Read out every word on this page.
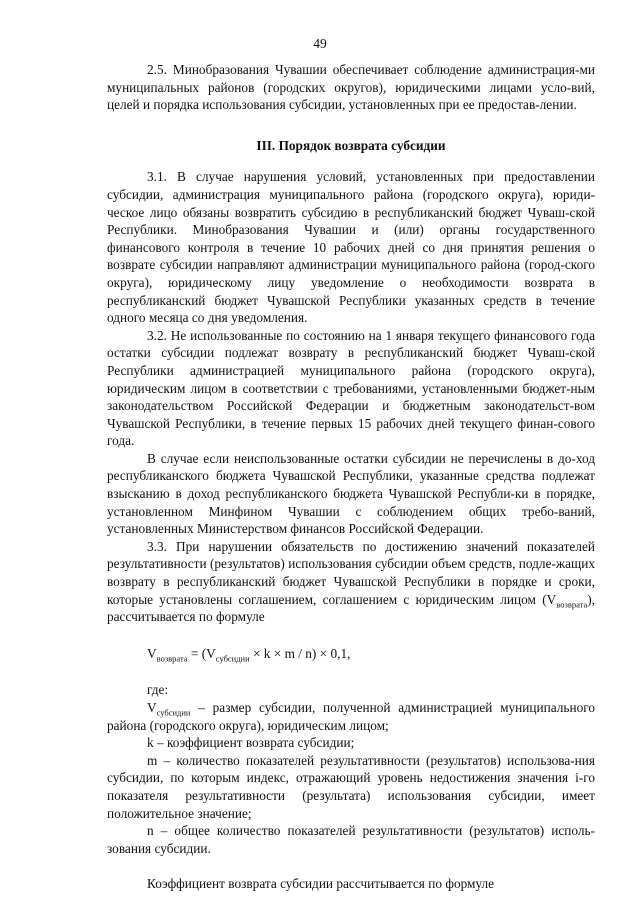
49

2.5. Минобразования Чувашии обеспечивает соблюдение администрация-ми муниципальных районов (городских округов), юридическими лицами усло-вий, целей и порядка использования субсидии, установленных при ее предостав-лении.

III. Порядок возврата субсидии

3.1. В случае нарушения условий, установленных при предоставлении субсидии, администрация муниципального района (городского округа), юриди-ческое лицо обязаны возвратить субсидию в республиканский бюджет Чуваш-ской Республики. Минобразования Чувашии и (или) органы государственного финансового контроля в течение 10 рабочих дней со дня принятия решения о возврате субсидии направляют администрации муниципального района (город-ского округа), юридическому лицу уведомление о необходимости возврата в республиканский бюджет Чувашской Республики указанных средств в течение одного месяца со дня уведомления.

3.2. Не использованные по состоянию на 1 января текущего финансового года остатки субсидии подлежат возврату в республиканский бюджет Чуваш-ской Республики администрацией муниципального района (городского округа), юридическим лицом в соответствии с требованиями, установленными бюджет-ным законодательством Российской Федерации и бюджетным законодательст-вом Чувашской Республики, в течение первых 15 рабочих дней текущего финан-сового года.

В случае если неиспользованные остатки субсидии не перечислены в до-ход республиканского бюджета Чувашской Республики, указанные средства подлежат взысканию в доход республиканского бюджета Чувашской Республи-ки в порядке, установленном Минфином Чувашии с соблюдением общих требо-ваний, установленных Министерством финансов Российской Федерации.

3.3. При нарушении обязательств по достижению значений показателей результативности (результатов) использования субсидии объем средств, подле-жащих возврату в республиканский бюджет Чувашской Республики в порядке и сроки, которые установлены соглашением, соглашением с юридическим лицом $(V_{возврата})$, рассчитывается по формуле

$V_{возврата} = (V_{субсидии} \times k \times m / n) \times 0,1$,

где:

$V_{субсидии}$ – размер субсидии, полученной администрацией муниципального района (городского округа), юридическим лицом;

k – коэффициент возврата субсидии;

m – количество показателей результативности (результатов) использова-ния субсидии, по которым индекс, отражающий уровень недостижения значения i-го показателя результативности (результата) использования субсидии, имеет положительное значение;

n – общее количество показателей результативности (результатов) исполь-зования субсидии.

Коэффициент возврата субсидии рассчитывается по формуле
